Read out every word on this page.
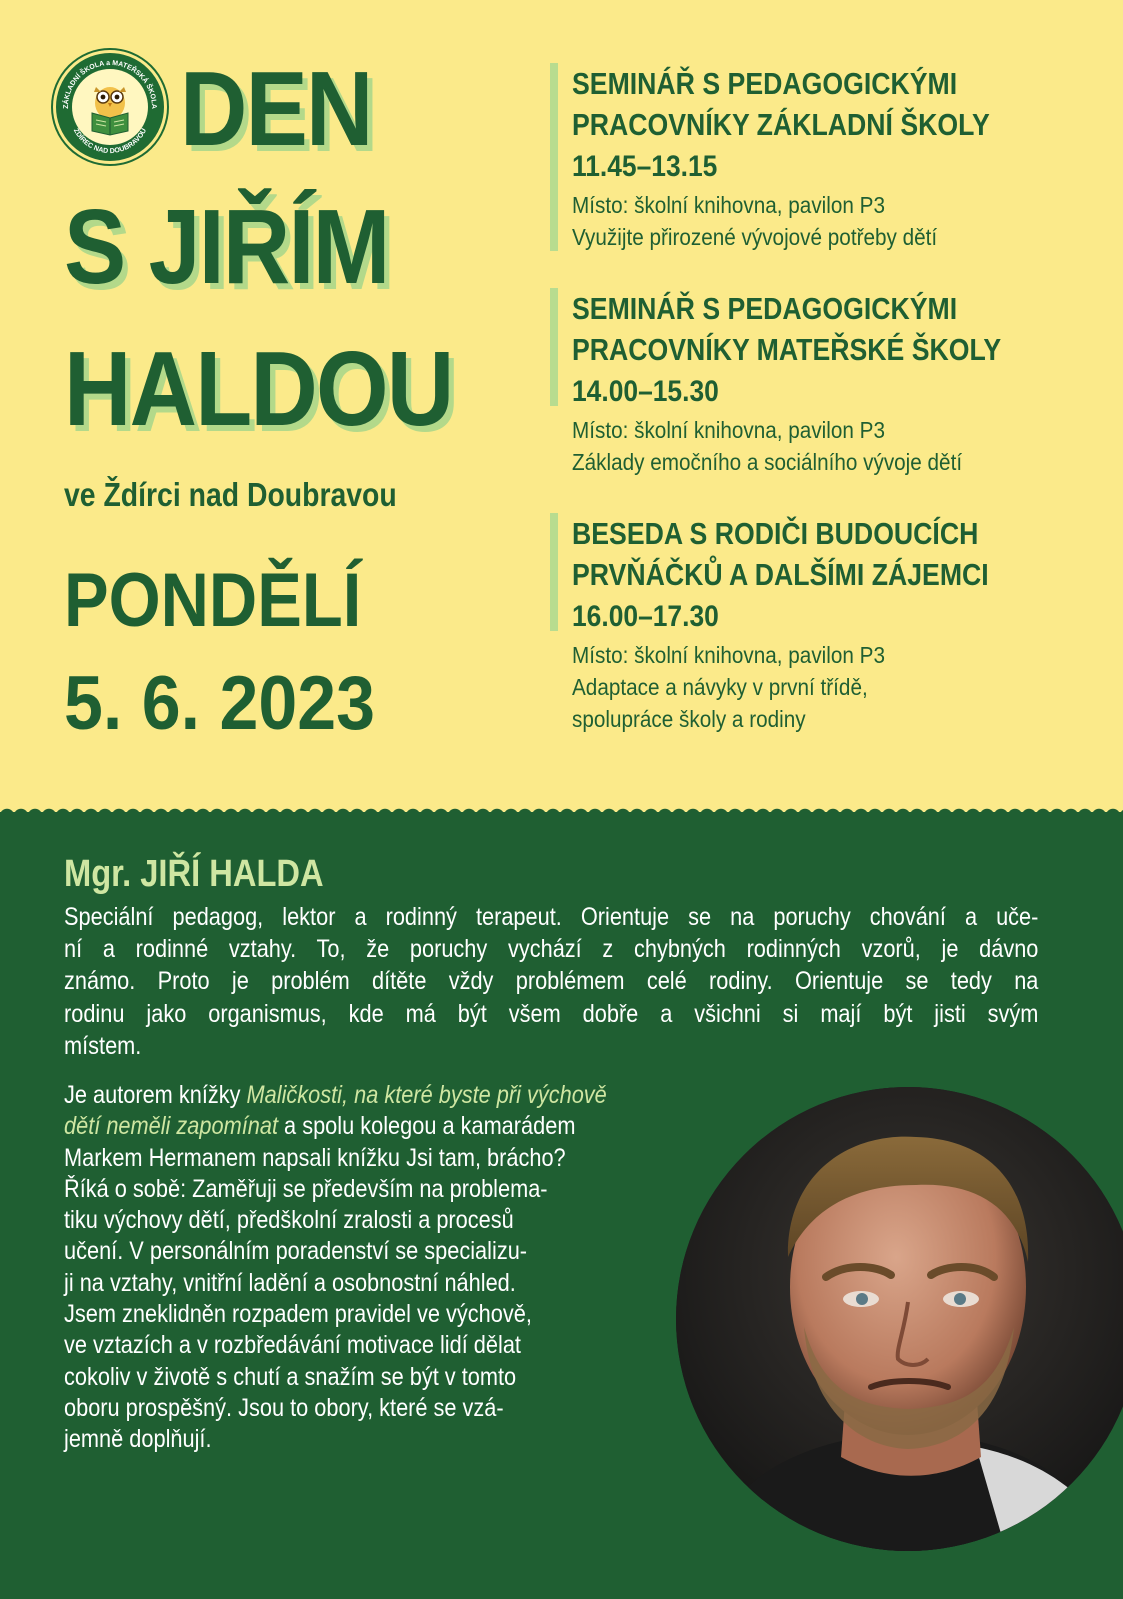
ZÁKLADNÍ ŠKOLA a MATEŘSKÁ ŠKOLA
ŽDÍREC NAD DOUBRAVOU DEN
S JIŘÍM
HALDOU
ve Ždírci nad Doubravou
PONDĚLÍ
5. 6. 2023
SEMINÁŘ S PEDAGOGICKÝMI
PRACOVNÍKY ZÁKLADNÍ ŠKOLY
11.45–13.15
Místo: školní knihovna, pavilon P3
Využijte přirozené vývojové potřeby dětí
SEMINÁŘ S PEDAGOGICKÝMI
PRACOVNÍKY MATEŘSKÉ ŠKOLY
14.00–15.30
Místo: školní knihovna, pavilon P3
Základy emočního a sociálního vývoje dětí
BESEDA S RODIČI BUDOUCÍCH
PRVŇÁČKŮ A DALŠÍMI ZÁJEMCI
16.00–17.30
Místo: školní knihovna, pavilon P3
Adaptace a návyky v první třídě,
spolupráce školy a rodiny
Mgr. JIŘÍ HALDA
Speciální pedagog, lektor a rodinný terapeut. Orientuje se na poruchy chování a uče-
ní a rodinné vztahy. To, že poruchy vychází z chybných rodinných vzorů, je dávno
známo. Proto je problém dítěte vždy problémem celé rodiny. Orientuje se tedy na
rodinu jako organismus, kde má být všem dobře a všichni si mají být jisti svým
místem.
Je autorem knížky Maličkosti, na které byste při výchově
dětí neměli zapomínat a spolu kolegou a kamarádem
Markem Hermanem napsali knížku Jsi tam, brácho?
Říká o sobě: Zaměřuji se především na problema-
tiku výchovy dětí, předškolní zralosti a procesů
učení. V personálním poradenství se specializu-
ji na vztahy, vnitřní ladění a osobnostní náhled.
Jsem zneklidněn rozpadem pravidel ve výchově,
ve vztazích a v rozbředávání motivace lidí dělat
cokoliv v životě s chutí a snažím se být v tomto
oboru prospěšný. Jsou to obory, které se vzá-
jemně doplňují.
